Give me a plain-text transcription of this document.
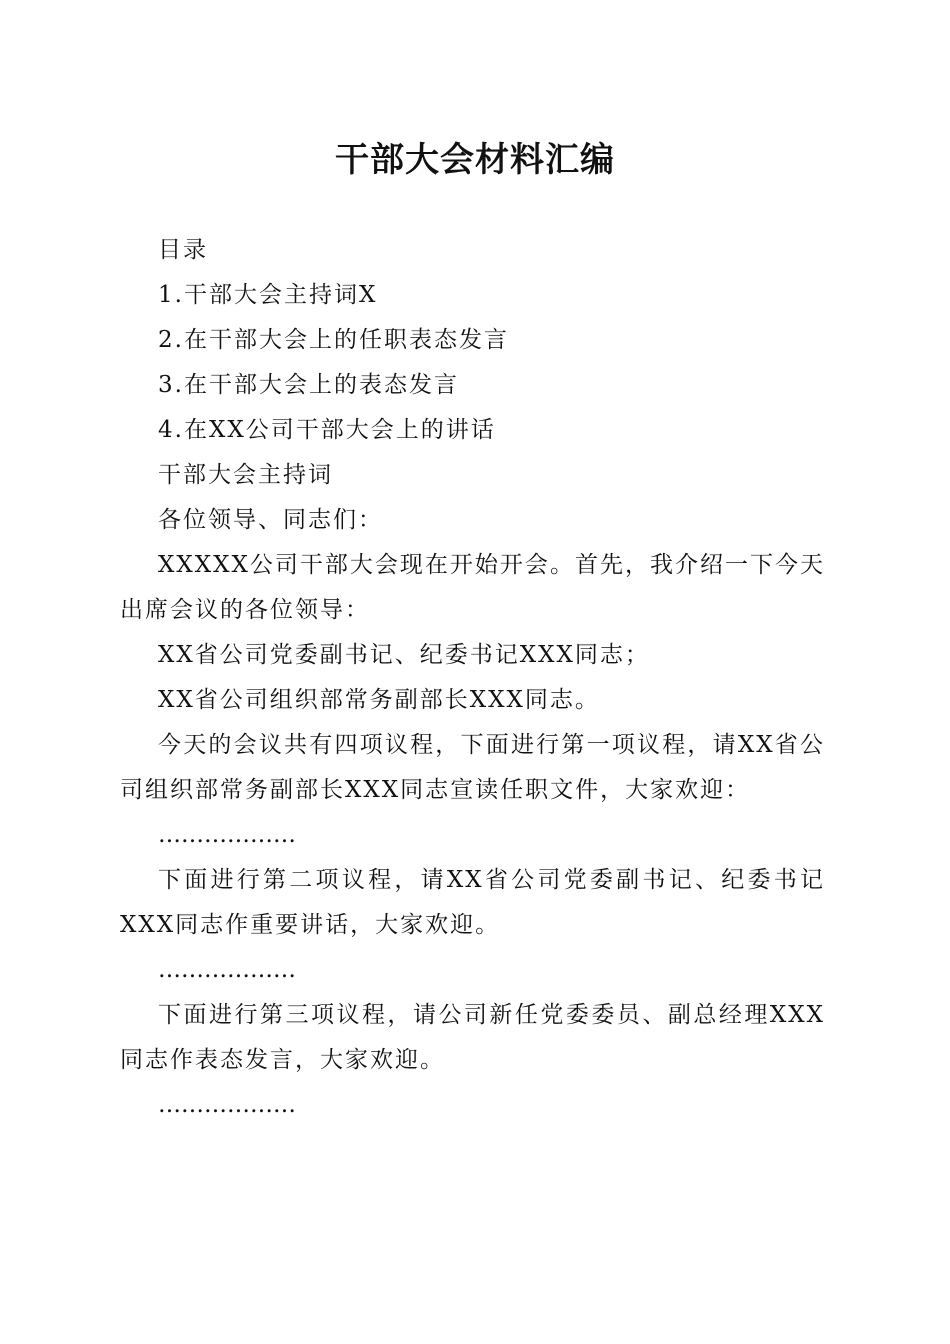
干部大会材料汇编

目录

1.干部大会主持词X

2.在干部大会上的任职表态发言

3.在干部大会上的表态发言

4.在XX公司干部大会上的讲话

干部大会主持词

各位领导、同志们：

XXXXX公司干部大会现在开始开会。首先，我介绍一下今天出席会议的各位领导：

XX省公司党委副书记、纪委书记XXX同志；

XX省公司组织部常务副部长XXX同志。

今天的会议共有四项议程，下面进行第一项议程，请XX省公司组织部常务副部长XXX同志宣读任职文件，大家欢迎：

………………

下面进行第二项议程，请XX省公司党委副书记、纪委书记XXX同志作重要讲话，大家欢迎。

………………

下面进行第三项议程，请公司新任党委委员、副总经理XXX同志作表态发言，大家欢迎。

………………
